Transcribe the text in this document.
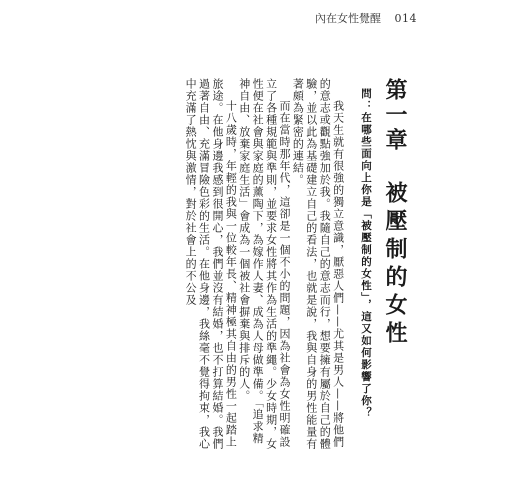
內在女性覺醒 014
第一章　被壓制的女性
問：在哪些面向上你是「被壓制的女性」，這又如何影響了你？

我天生就有很強的獨立意識，厭惡人們——尤其是男人——將他們的意志或觀點強加於我。我隨自己的意志而行，想要擁有屬於自己的體驗，並以此為基礎建立自己的看法，也就是說，我與自身的男性能量有著頗為緊密的連結。

而在當時那年代，這卻是一個不小的問題，因為社會為女性明確設立了各種規範與準則，並要求女性將其作為生活的準繩。少女時期，女性便在社會與家庭的薰陶下，為嫁作人妻、成為人母做準備。「追求精神自由、放棄家庭生活」會成為一個被社會摒棄與排斥的人。

十八歲時，年輕的我與一位較年長、精神極其自由的男性一起踏上旅途。在他身邊我感到很開心，我們並沒有結婚，也不打算結婚。我們過著自由、充滿冒險色彩的生活。在他身邊，我絲毫不覺得拘束，我心中充滿了熱忱與激情，對於社會上的不公及
